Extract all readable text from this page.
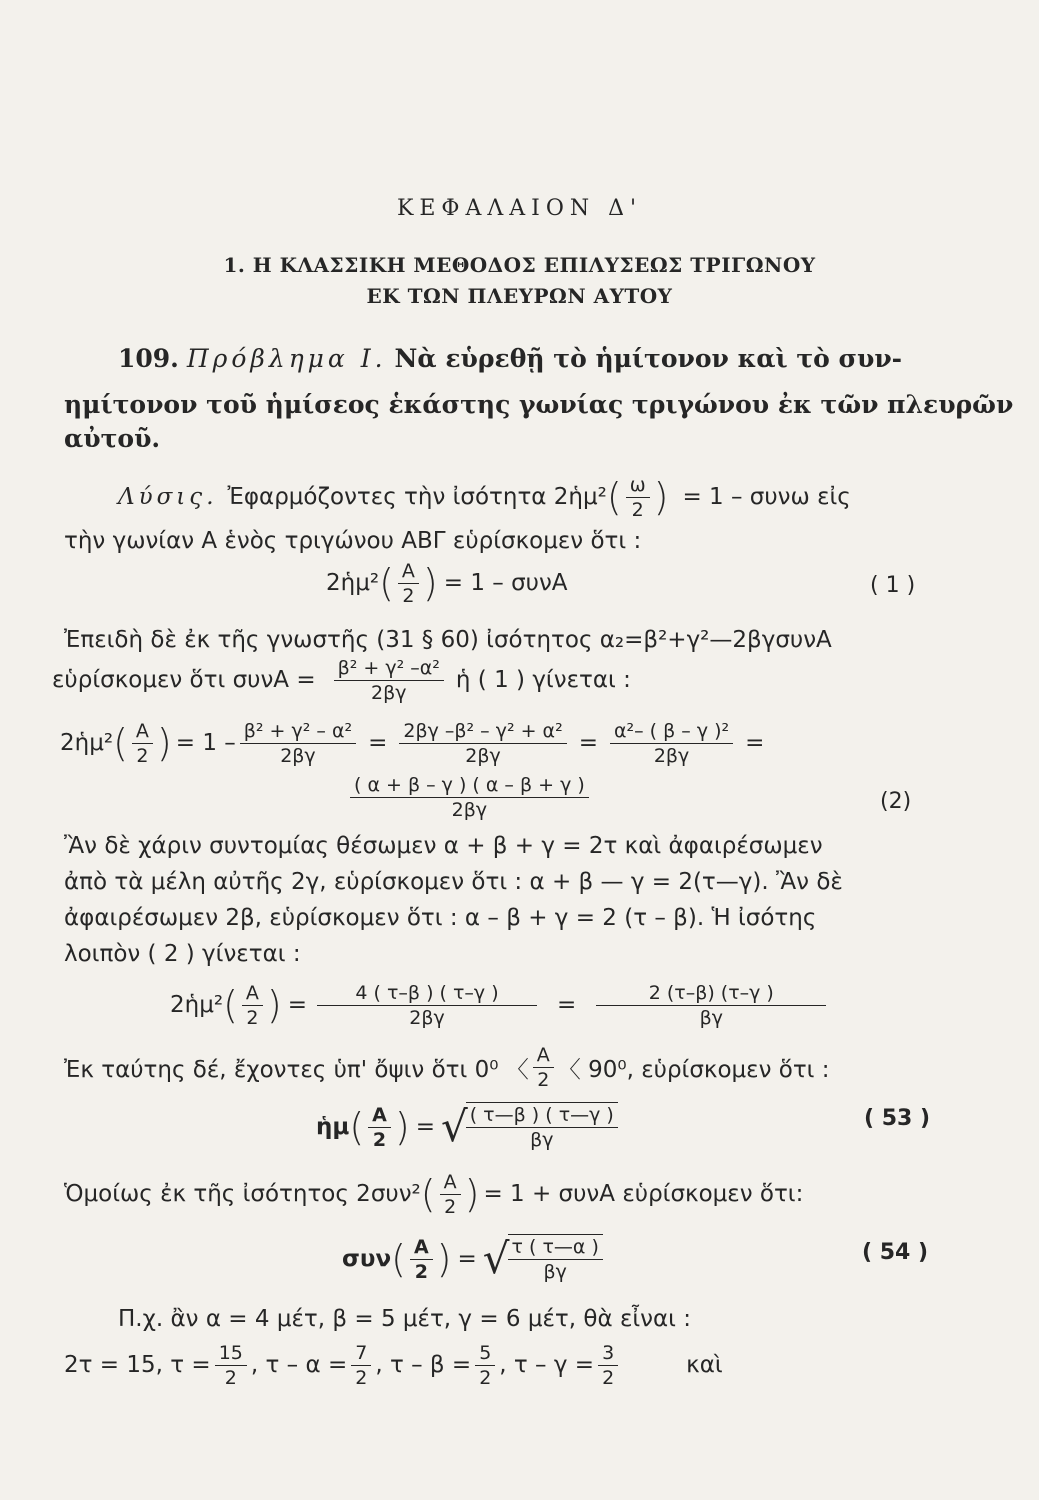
ΚΕΦΑΛΑΙΟΝ Δ'
1. Η ΚΛΑΣΣΙΚΗ ΜΕΘΟΔΟΣ ΕΠΙΛΥΣΕΩΣ ΤΡΙΓΩΝΟΥ
ΕΚ ΤΩΝ ΠΛΕΥΡΩΝ ΑΥΤΟΥ
109. Πρόβλημα Ι. Νὰ εὑρεθῇ τὸ ἡμίτονον καὶ τὸ συν-
ημίτονον τοῦ ἡμίσεος ἑκάστης γωνίας τριγώνου ἐκ τῶν πλευρῶν
αὐτοῦ.
Λύσις. Ἐφαρμόζοντες τὴν ἰσότητα 2ἡμ² ( $\frac{\omega}{2}$ ) = 1 – συνω εἰς
τὴν γωνίαν Α ἑνὸς τριγώνου ΑΒΓ εὑρίσκομεν ὅτι :
2ἡμ² ( $\frac{A}{2}$ ) = 1 – συνΑ	( 1 )
Ἐπειδὴ δὲ ἐκ τῆς γνωστῆς (31 § 60) ἰσότητος α₂=β²+γ²—2βγσυνΑ
εὑρίσκομεν ὅτι $\sigma\upsilon\nu A = \frac{\text{β² + γ² –α²}}{2\beta\gamma}$ ἡ ( 1 ) γίνεται :
2ἡμ² ( $\frac{A}{2}$ ) = $1 - \frac{\text{β² + γ² – α²}}{2\beta\gamma} = \frac{\text{2βγ –β² – γ² + α²}}{2\beta\gamma} = \frac{\text{α²– ( β – γ )²}}{2\beta\gamma}$ =
$\frac{( \alpha + \beta - \gamma ) ( \alpha - \beta + \gamma )}{2\beta\gamma}$	(2)
Ἂν δὲ χάριν συντομίας θέσωμεν α + β + γ = 2τ καὶ ἀφαιρέσωμεν
ἀπὸ τὰ μέλη αὐτῆς 2γ, εὑρίσκομεν ὅτι : α + β — γ = 2(τ—γ). Ἂν δὲ
ἀφαιρέσωμεν 2β, εὑρίσκομεν ὅτι : α – β + γ = 2 (τ – β). Ἡ ἰσότης
λοιπὸν ( 2 ) γίνεται :
2ἡμ² ( $\frac{A}{2}$ ) = $\frac{4 ( \tau-\beta ) ( \tau-\gamma )}{2\beta\gamma} = \frac{2 (\tau-\beta) (\tau-\gamma )}{\beta\gamma}$
Ἐκ ταύτης δέ, ἔχοντες ὑπ' ὄψιν ὅτι 0⁰ 〈 $\frac{A}{2}$ 〈 90⁰, εὑρίσκομεν ὅτι :
ἡμ ( $\frac{A}{2}$ ) = √
$\frac{( \tau—\beta ) ( \tau—\gamma )}{\beta\gamma}$	( 53 )
Ὁμοίως ἐκ τῆς ἰσότητος 2συν² ( $\frac{A}{2}$ ) = 1 + συνΑ εὑρίσκομεν ὅτι:
συν ( $\frac{A}{2}$ ) = √
$\frac{\tau ( \tau—\alpha )}{\beta\gamma}$	( 54 )
Π.χ. ἂν α = 4 μέτ, β = 5 μέτ, γ = 6 μέτ, θὰ εἶναι :
2τ = 15, $\tau = \frac{15}{2}$ , $\tau - \alpha = \frac{7}{2}$ , $\tau - \beta = \frac{5}{2}$ , $\tau - \gamma = \frac{3}{2}$	καὶ
